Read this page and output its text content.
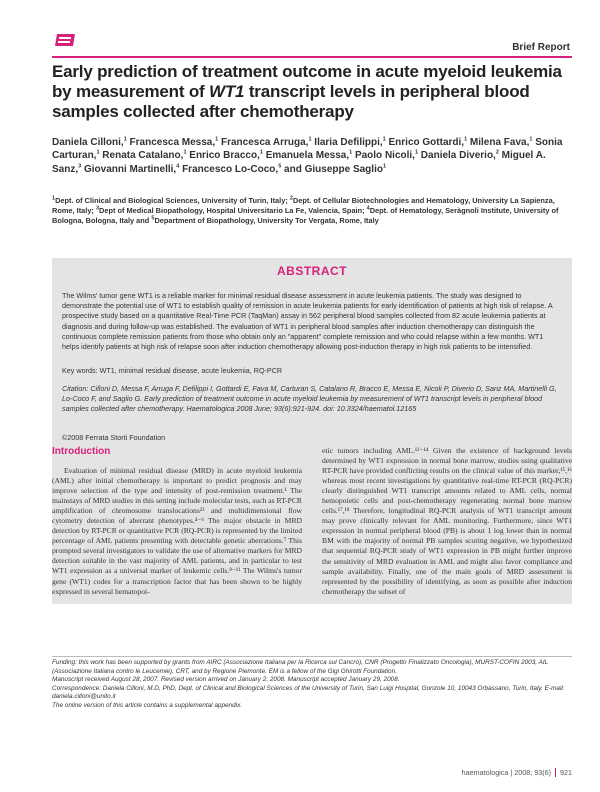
Brief Report
Early prediction of treatment outcome in acute myeloid leukemia by measurement of WT1 transcript levels in peripheral blood samples collected after chemotherapy
Daniela Cilloni,$^1$ Francesca Messa,$^1$ Francesca Arruga,$^1$ Ilaria Defilippi,$^1$ Enrico Gottardi,$^1$ Milena Fava,$^1$ Sonia Carturan,$^1$ Renata Catalano,$^1$ Enrico Bracco,$^1$ Emanuela Messa,$^1$ Paolo Nicoli,$^1$ Daniela Diverio,$^2$ Miguel A. Sanz,$^3$ Giovanni Martinelli,$^4$ Francesco Lo-Coco,$^5$ and Giuseppe Saglio$^1$
$^1$Dept. of Clinical and Biological Sciences, University of Turin, Italy; $^2$Dept. of Cellular Biotechnologies and Hematology, University La Sapienza, Rome, Italy; $^3$Dept of Medical Biopathology, Hospital Universitario La Fe, Valencia, Spain; $^4$Dept. of Hematology, Seràgnoli Institute, University of Bologna, Bologna, Italy and $^5$Department of Biopathology, University Tor Vergata, Rome, Italy
ABSTRACT
The Wilms' tumor gene WT1 is a reliable marker for minimal residual disease assessment in acute leukemia patients. The study was designed to demonstrate the potential use of WT1 to establish quality of remission in acute leukemia patients for early identification of patients at high risk of relapse. A prospective study based on a quantitative Real-Time PCR (TaqMan) assay in 562 peripheral blood samples collected from 82 acute leukemia patients at diagnosis and during follow-up was established. The evaluation of WT1 in peripheral blood samples after induction chemotherapy can distinguish the continuous complete remission patients from those who obtain only an "apparent" complete remission and who could relapse within a few months. WT1 helps identify patients at high risk of relapse soon after induction chemotherapy allowing post-induction therapy in high risk patients to be intensified.
Key words: WT1, minimal residual disease, acute leukemia, RQ-PCR
Citation: Cilloni D, Messa F, Arruga F, Defilippi I, Gottardi E, Fava M, Carturan S, Catalano R, Bracco E, Messa E, Nicoli P, Diverio D, Sanz MA, Martinelli G, Lo-Coco F, and Saglio G. Early prediction of treatment outcome in acute myeloid leukemia by measurement of WT1 transcript levels in peripheral blood samples collected after chemotherapy. Haematologica 2008 June; 93(6):921-924. doi: 10.3324/haematol.12165
©2008 Ferrata Storti Foundation
Introduction
Evaluation of minimal residual disease (MRD) in acute myeloid leukemia (AML) after initial chemotherapy is important to predict prognosis and may improve selection of the type and intensity of post-remission treatment.¹ The mainstays of MRD studies in this setting include molecular tests, such as RT-PCR amplification of chromosome translocations²³ and multidimensional flow cytometry detection of aberrant phenotypes.⁴⁻⁶ The major obstacle in MRD detection by RT-PCR or quantitative PCR (RQ-PCR) is represented by the limited percentage of AML patients presenting with detectable genetic aberrations.⁷ This prompted several investigators to validate the use of alternative markers for MRD detection suitable in the vast majority of AML patients, and in particular to test WT1 expression as a universal marker of leukemic cells.⁸⁻¹¹ The Wilms's tumor gene (WT1) codes for a transcription factor that has been shown to be highly expressed in several hematopoi-
etic tumors including AML.¹²⁻¹⁴ Given the existence of background levels determined by WT1 expression in normal bone marrow, studies using qualitative RT-PCR have provided conflicting results on the clinical value of this marker,¹⁵,¹⁶ whereas most recent investigations by quantitative real-time RT-PCR (RQ-PCR) clearly distinguished WT1 transcript amounts related to AML cells, normal hemopoietic cells and post-chemotherapy regenerating normal bone marrow cells.¹⁷,¹⁸ Therefore, longitudinal RQ-PCR analysis of WT1 transcript amount may prove clinically relevant for AML monitoring. Furthermore, since WT1 expression in normal peripheral blood (PB) is about 1 log lower than in normal BM with the majority of normal PB samples scoring negative, we hypothesized that sequential RQ-PCR study of WT1 expression in PB might further improve the sensitivity of MRD evaluation in AML and might also favor compliance and sample availability. Finally, one of the main goals of MRD assessment is represented by the possibility of identifying, as soon as possible after induction chemotherapy the subset of
Funding: this work has been supported by grants from AIRC (Associazione Italiana per la Ricerca sul Cancro), CNR (Progetto Finalizzato Oncologia), MURST-COFIN 2003, AIL (Associazione Italiana contro le Leucemie), CRT, and by Regione Piemonte. EM is a fellow of the Gigi Ghirotti Foundation.
Manuscript received August 28, 2007. Revised version arrived on January 2, 2008. Manuscript accepted January 29, 2008.
Correspondence: Daniela Cilloni, M.D, PhD, Dept. of Clinical and Biological Sciences of the University of Turin, San Luigi Hospital, Gonzole 10, 10043 Orbassano, Turin, Italy. E-mail: daniela.cilloni@unito.it
The online version of this article contains a supplemental appendix.
haematologica | 2008; 93(6) 921
